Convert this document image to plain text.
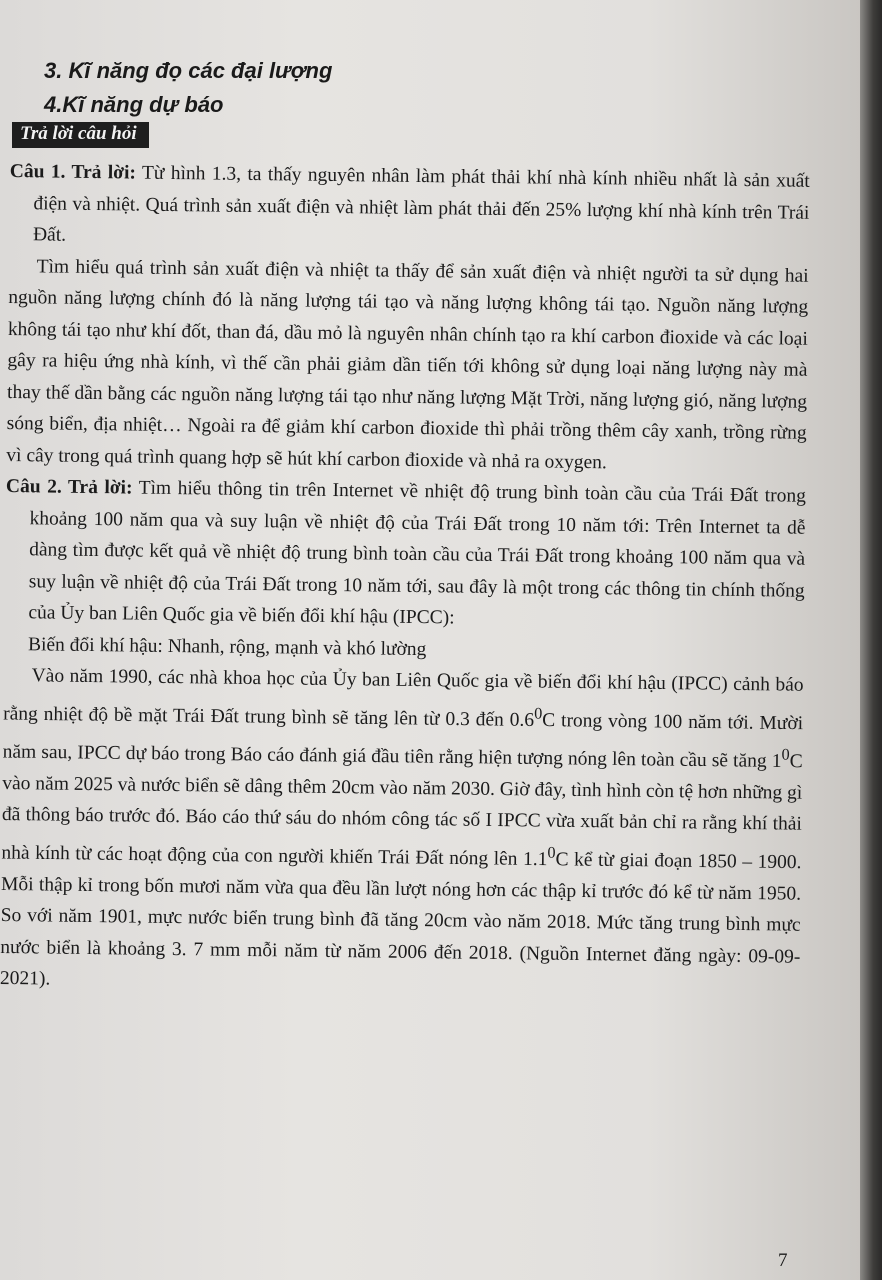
3. Kĩ năng đọ các đại lượng
4.Kĩ năng dự báo
Trả lời câu hỏi

Câu 1. Trả lời: Từ hình 1.3, ta thấy nguyên nhân làm phát thải khí nhà kính nhiều nhất là sản xuất điện và nhiệt. Quá trình sản xuất điện và nhiệt làm phát thải đến 25% lượng khí nhà kính trên Trái Đất.

Tìm hiểu quá trình sản xuất điện và nhiệt ta thấy để sản xuất điện và nhiệt người ta sử dụng hai nguồn năng lượng chính đó là năng lượng tái tạo và năng lượng không tái tạo. Nguồn năng lượng không tái tạo như khí đốt, than đá, dầu mỏ là nguyên nhân chính tạo ra khí carbon đioxide và các loại gây ra hiệu ứng nhà kính, vì thế cần phải giảm dần tiến tới không sử dụng loại năng lượng này mà thay thế dần bằng các nguồn năng lượng tái tạo như năng lượng Mặt Trời, năng lượng gió, năng lượng sóng biển, địa nhiệt… Ngoài ra để giảm khí carbon đioxide thì phải trồng thêm cây xanh, trồng rừng vì cây trong quá trình quang hợp sẽ hút khí carbon đioxide và nhả ra oxygen.

Câu 2. Trả lời: Tìm hiểu thông tin trên Internet về nhiệt độ trung bình toàn cầu của Trái Đất trong khoảng 100 năm qua và suy luận về nhiệt độ của Trái Đất trong 10 năm tới: Trên Internet ta dễ dàng tìm được kết quả về nhiệt độ trung bình toàn cầu của Trái Đất trong khoảng 100 năm qua và suy luận về nhiệt độ của Trái Đất trong 10 năm tới, sau đây là một trong các thông tin chính thống của Ủy ban Liên Quốc gia về biến đổi khí hậu (IPCC):

Biến đổi khí hậu: Nhanh, rộng, mạnh và khó lường

Vào năm 1990, các nhà khoa học của Ủy ban Liên Quốc gia về biến đổi khí hậu (IPCC) cảnh báo rằng nhiệt độ bề mặt Trái Đất trung bình sẽ tăng lên từ 0.3 đến $0.6^0C$ trong vòng 100 năm tới. Mười năm sau, IPCC dự báo trong Báo cáo đánh giá đầu tiên rằng hiện tượng nóng lên toàn cầu sẽ tăng $1^0C$ vào năm 2025 và nước biển sẽ dâng thêm 20cm vào năm 2030. Giờ đây, tình hình còn tệ hơn những gì đã thông báo trước đó. Báo cáo thứ sáu do nhóm công tác số I IPCC vừa xuất bản chỉ ra rằng khí thải nhà kính từ các hoạt động của con người khiến Trái Đất nóng lên $1.1^0C$ kể từ giai đoạn 1850 – 1900. Mỗi thập kỉ trong bốn mươi năm vừa qua đều lần lượt nóng hơn các thập kỉ trước đó kể từ năm 1950. So với năm 1901, mực nước biển trung bình đã tăng 20cm vào năm 2018. Mức tăng trung bình mực nước biển là khoảng 3. 7 mm mỗi năm từ năm 2006 đến 2018. (Nguồn Internet đăng ngày: 09-09-2021).

7
